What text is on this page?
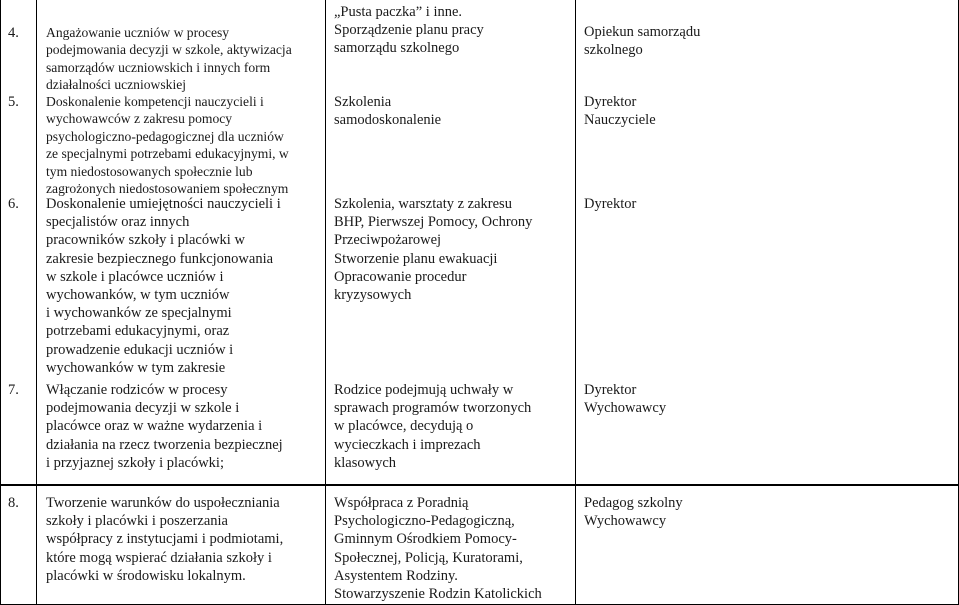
4. Angażowanie uczniów w procesy
podejmowania decyzji w szkole, aktywizacja
samorządów uczniowskich i innych form
działalności uczniowskiej
„Pusta paczka” i inne.
Sporządzenie planu pracy
samorządu szkolnego
Opiekun samorządu
szkolnego
5. Doskonalenie kompetencji nauczycieli i
wychowawców z zakresu pomocy
psychologiczno-pedagogicznej dla uczniów
ze specjalnymi potrzebami edukacyjnymi, w
tym niedostosowanych społecznie lub
zagrożonych niedostosowaniem społecznym
Szkolenia
samodoskonalenie
Dyrektor
Nauczyciele
6. Doskonalenie umiejętności nauczycieli i
specjalistów oraz innych
pracowników szkoły i placówki w
zakresie bezpiecznego funkcjonowania
w szkole i placówce uczniów i
wychowanków, w tym uczniów
i wychowanków ze specjalnymi
potrzebami edukacyjnymi, oraz
prowadzenie edukacji uczniów i
wychowanków w tym zakresie
Szkolenia, warsztaty z zakresu
BHP, Pierwszej Pomocy, Ochrony
Przeciwpożarowej
Stworzenie planu ewakuacji
Opracowanie procedur
kryzysowych
Dyrektor
7. Włączanie rodziców w procesy
podejmowania decyzji w szkole i
placówce oraz w ważne wydarzenia i
działania na rzecz tworzenia bezpiecznej
i przyjaznej szkoły i placówki;
Rodzice podejmują uchwały w
sprawach programów tworzonych
w placówce, decydują o
wycieczkach i imprezach
klasowych
Dyrektor
Wychowawcy
8. Tworzenie warunków do uspołeczniania
szkoły i placówki i poszerzania
współpracy z instytucjami i podmiotami,
które mogą wspierać działania szkoły i
placówki w środowisku lokalnym.
Współpraca z Poradnią
Psychologiczno-Pedagogiczną,
Gminnym Ośrodkiem Pomocy-
Społecznej, Policją, Kuratorami,
Asystentem Rodziny.
Stowarzyszenie Rodzin Katolickich
Pedagog szkolny
Wychowawcy
